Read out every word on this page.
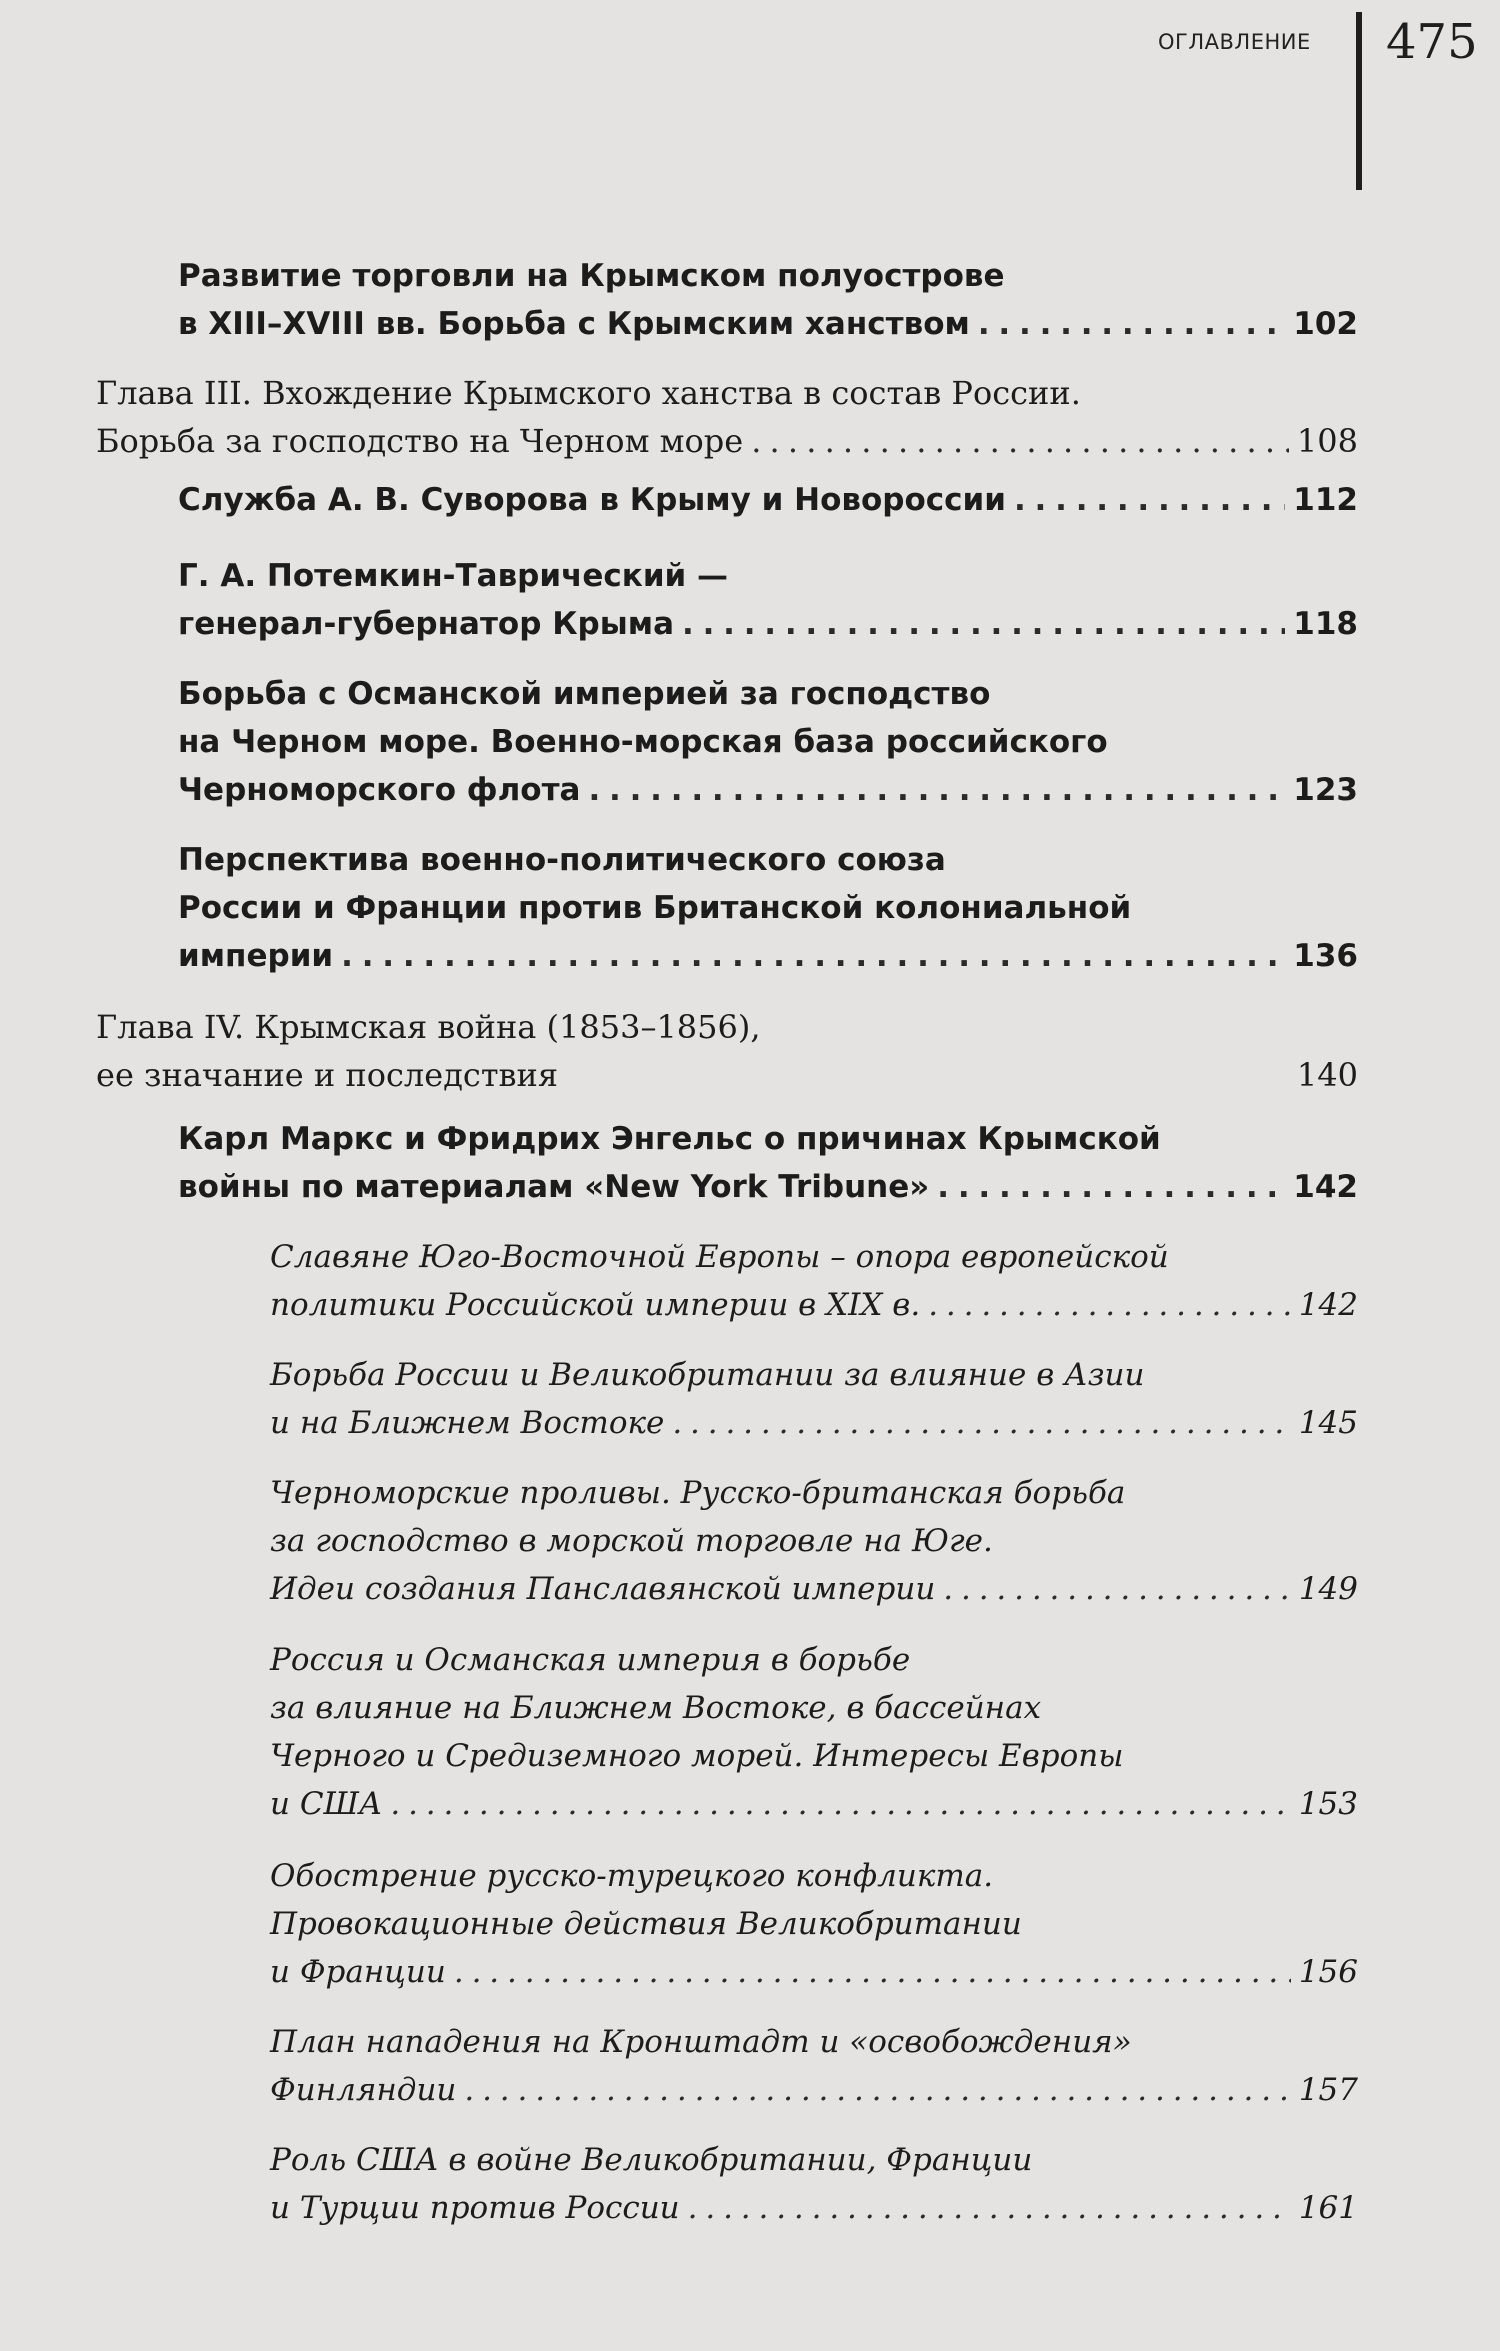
ОГЛАВЛЕНИЕ 475
Развитие торговли на Крымском полуострове
в XIII–XVIII вв. Борьба с Крымским ханством . . .	102
Глава III. Вхождение Крымского ханства в состав России.
Борьба за господство на Черном море . . .	108
Служба А. В. Суворова в Крыму и Новороссии . . .	112
Г. А. Потемкин-Таврический —
генерал-губернатор Крыма . . .	118
Борьба с Османской империей за господство
на Черном море. Военно-морская база российского
Черноморского флота . . .	123
Перспектива военно-политического союза
России и Франции против Британской колониальной
империи . . .	136
Глава IV. Крымская война (1853–1856),
ее значание и последствия	140
Карл Маркс и Фридрих Энгельс о причинах Крымской
войны по материалам «New York Tribune» . . .	142
Славяне Юго-Восточной Европы – опора европейской
политики Российской империи в XIX в. . . .	142
Борьба России и Великобритании за влияние в Азии
и на Ближнем Востоке . . .	145
Черноморские проливы. Русско-британская борьба
за господство в морской торговле на Юге.
Идеи создания Панславянской империи . . .	149
Россия и Османская империя в борьбе
за влияние на Ближнем Востоке, в бассейнах
Черного и Средиземного морей. Интересы Европы
и США . . .	153
Обострение русско-турецкого конфликта.
Провокационные действия Великобритании
и Франции . . .	156
План нападения на Кронштадт и «освобождения»
Финляндии . . .	157
Роль США в войне Великобритании, Франции
и Турции против России . . .	161
